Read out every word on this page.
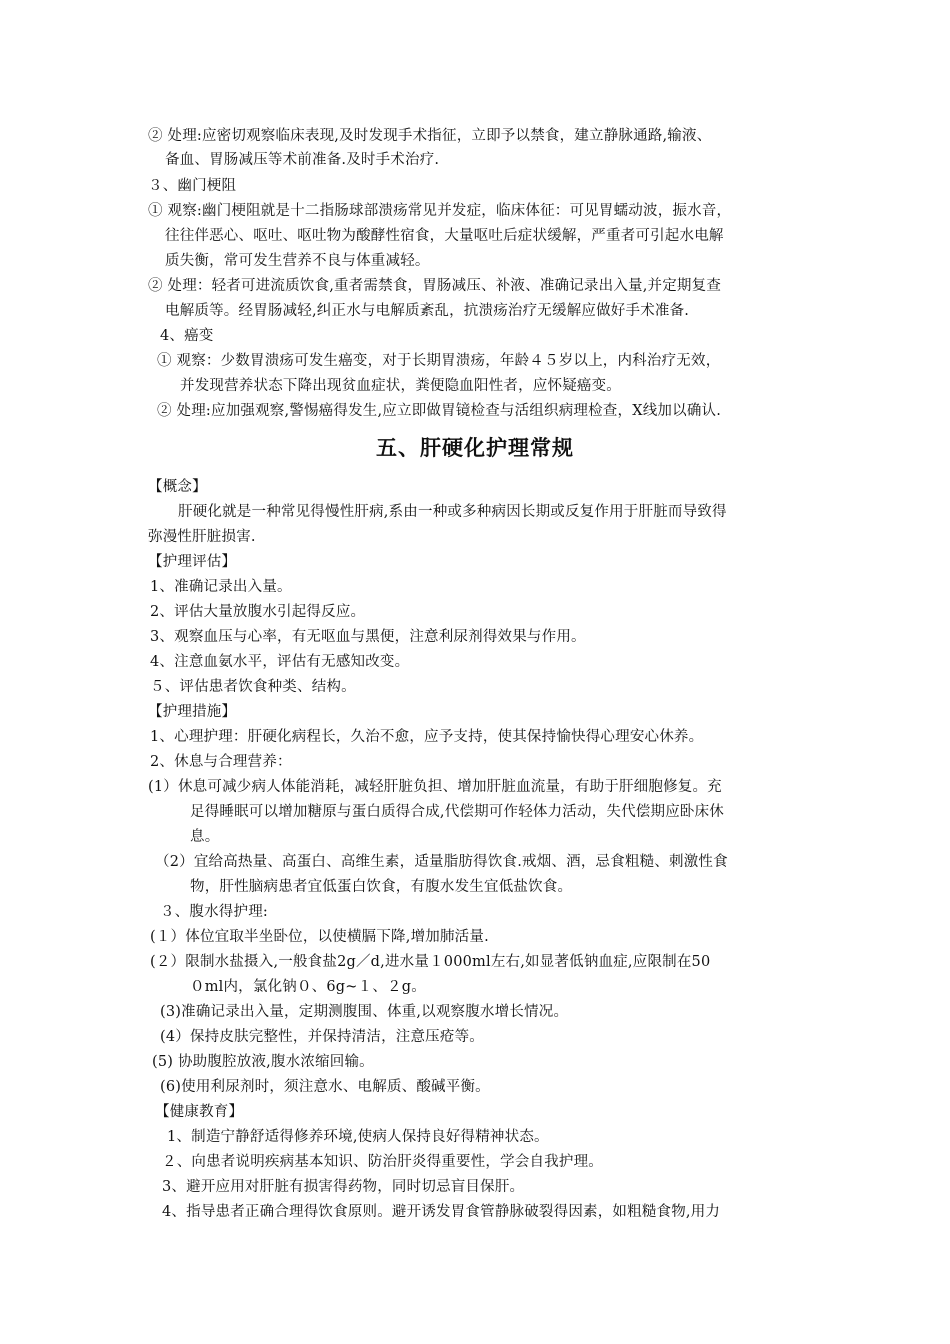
② 处理:应密切观察临床表现,及时发现手术指征，立即予以禁食，建立静脉通路,输液、
备血、胃肠减压等术前准备.及时手术治疗.
３、幽门梗阻
① 观察:幽门梗阻就是十二指肠球部溃疡常见并发症，临床体征：可见胃蠕动波，振水音，
往往伴恶心、呕吐、呕吐物为酸酵性宿食，大量呕吐后症状缓解，严重者可引起水电解
质失衡，常可发生营养不良与体重减轻。
② 处理：轻者可进流质饮食,重者需禁食，胃肠减压、补液、准确记录出入量,并定期复查
电解质等。经胃肠减轻,纠正水与电解质紊乱，抗溃疡治疗无缓解应做好手术准备.
4、癌变
① 观察：少数胃溃疡可发生癌变，对于长期胃溃疡，年龄４５岁以上，内科治疗无效，
并发现营养状态下降出现贫血症状，粪便隐血阳性者，应怀疑癌变。
② 处理:应加强观察,警惕癌得发生,应立即做胃镜检查与活组织病理检查，X线加以确认.
五、肝硬化护理常规
【概念】
肝硬化就是一种常见得慢性肝病,系由一种或多种病因长期或反复作用于肝脏而导致得
弥漫性肝脏损害.
【护理评估】
1、准确记录出入量。
2、评估大量放腹水引起得反应。
3、观察血压与心率，有无呕血与黑便，注意利尿剂得效果与作用。
4、注意血氨水平，评估有无感知改变。
５、评估患者饮食种类、结构。
【护理措施】
1、心理护理：肝硬化病程长，久治不愈，应予支持，使其保持愉快得心理安心休养。
2、休息与合理营养：
(1）休息可减少病人体能消耗，减轻肝脏负担、增加肝脏血流量，有助于肝细胞修复。充
足得睡眠可以增加糖原与蛋白质得合成,代偿期可作轻体力活动，失代偿期应卧床休
息。
（2）宜给高热量、高蛋白、高维生素，适量脂肪得饮食.戒烟、酒，忌食粗糙、刺激性食
物，肝性脑病患者宜低蛋白饮食，有腹水发生宜低盐饮食。
３、腹水得护理:
(１）体位宜取半坐卧位，以使横膈下降,增加肺活量.
(２）限制水盐摄入,一般食盐2g／d,进水量１000ml左右,如显著低钠血症,应限制在50
０ml内，氯化钠０、6g~１、２g。
(3)准确记录出入量，定期测腹围、体重,以观察腹水增长情况。
(4）保持皮肤完整性，并保持清洁，注意压疮等。
(5) 协助腹腔放液,腹水浓缩回输。
(6)使用利尿剂时，须注意水、电解质、酸碱平衡。
【健康教育】
1、制造宁静舒适得修养环境,使病人保持良好得精神状态。
２、向患者说明疾病基本知识、防治肝炎得重要性，学会自我护理。
3、避开应用对肝脏有损害得药物，同时切忌盲目保肝。
4、指导患者正确合理得饮食原则。避开诱发胃食管静脉破裂得因素，如粗糙食物,用力
